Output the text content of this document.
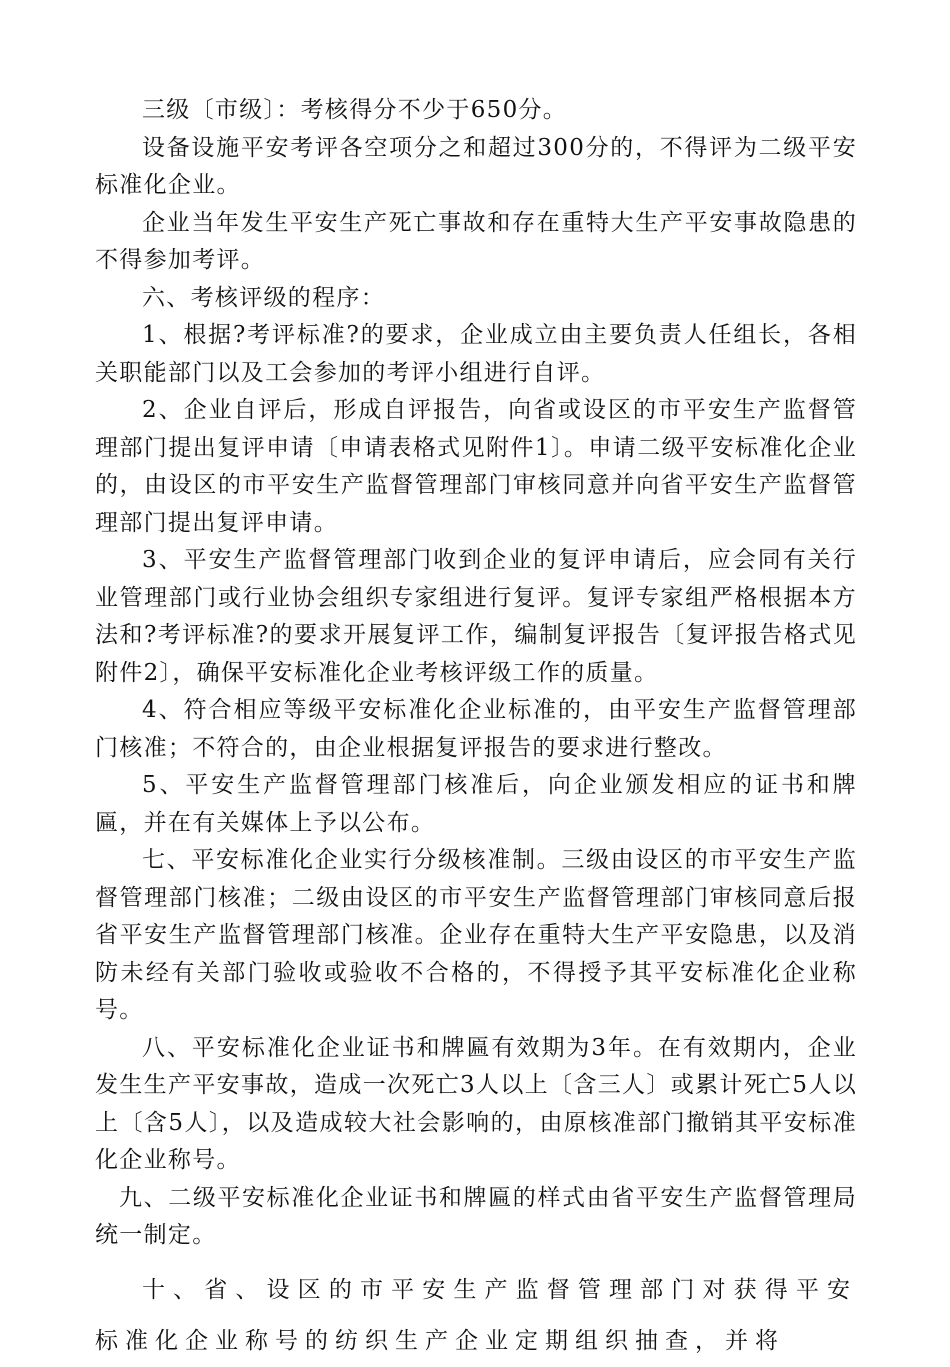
三级〔市级〕：考核得分不少于650分。

设备设施平安考评各空项分之和超过300分的，不得评为二级平安标准化企业。

企业当年发生平安生产死亡事故和存在重特大生产平安事故隐患的不得参加考评。

六、考核评级的程序：

1、根据?考评标准?的要求，企业成立由主要负责人任组长，各相关职能部门以及工会参加的考评小组进行自评。

2、企业自评后，形成自评报告，向省或设区的市平安生产监督管理部门提出复评申请〔申请表格式见附件1〕。申请二级平安标准化企业的，由设区的市平安生产监督管理部门审核同意并向省平安生产监督管理部门提出复评申请。

3、平安生产监督管理部门收到企业的复评申请后，应会同有关行业管理部门或行业协会组织专家组进行复评。复评专家组严格根据本方法和?考评标准?的要求开展复评工作，编制复评报告〔复评报告格式见附件2〕，确保平安标准化企业考核评级工作的质量。

4、符合相应等级平安标准化企业标准的，由平安生产监督管理部门核准；不符合的，由企业根据复评报告的要求进行整改。

5、平安生产监督管理部门核准后，向企业颁发相应的证书和牌匾，并在有关媒体上予以公布。

七、平安标准化企业实行分级核准制。三级由设区的市平安生产监督管理部门核准；二级由设区的市平安生产监督管理部门审核同意后报省平安生产监督管理部门核准。企业存在重特大生产平安隐患，以及消防未经有关部门验收或验收不合格的，不得授予其平安标准化企业称号。

八、平安标准化企业证书和牌匾有效期为3年。在有效期内，企业发生生产平安事故，造成一次死亡3人以上〔含三人〕或累计死亡5人以上〔含5人〕，以及造成较大社会影响的，由原核准部门撤销其平安标准化企业称号。

九、二级平安标准化企业证书和牌匾的样式由省平安生产监督管理局统一制定。

十、省、设区的市平安生产监督管理部门对获得平安标准化企业称号的纺织生产企业定期组织抽查，并将
